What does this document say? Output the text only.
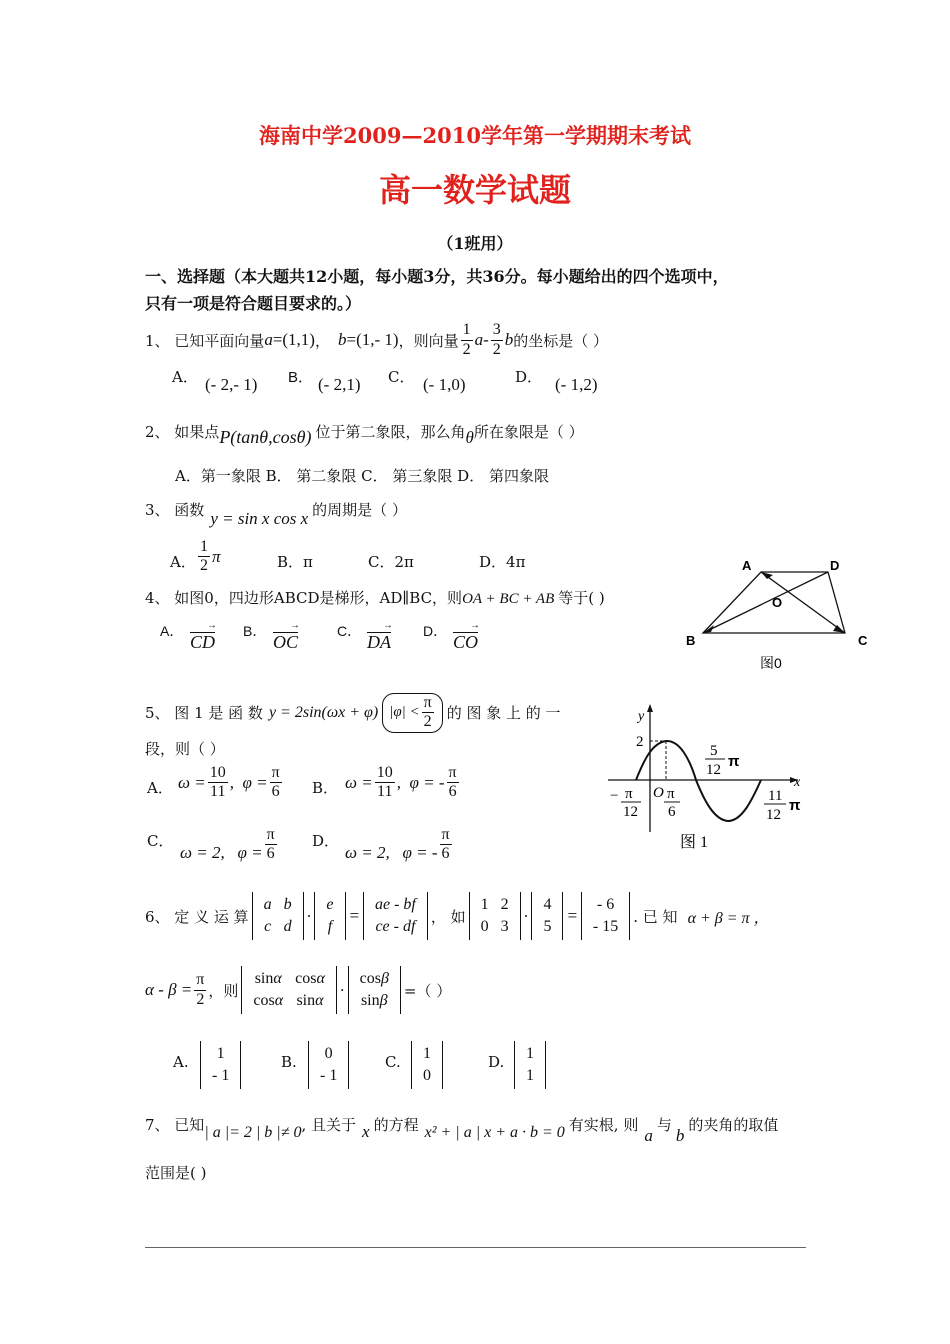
海南中学2009—2010学年第一学期期末考试
高一数学试题
（1班用）
一、选择题（本大题共12小题，每小题3分，共36分。每小题给出的四个选项中，
只有一项是符合题目要求的。）
1、 已知平面向量 a =(1,1) ， b =(1,- 1) ，则向量 $\frac{1}{2}$ a - $\frac{3}{2}$ b 的坐标是（ ）
A． (- 2,- 1) B． (- 2,1) C． (- 1,0)	D． (- 1,2)
2、 如果点 P(tanθ,cosθ) 位于第二象限，那么角 θ 所在象限是（ ）
A．第一象限 B． 第二象限 C． 第三象限 D． 第四象限
3、 函数 y = sin x cos x 的周期是（ ）
A． $\frac{1}{2}$ π	B．π	C．2π	D．4π
4、 如图0，四边形ABCD是梯形，AD∥BC，则 OA + BC + AB 等于( )
A．
CD →
B．
OC →
C．
DA →
D．
CO →
A	D
O
B	C
图0
5、 图 1 是 函 数 y = 2sin(ωx + φ) $|\varphi| < \frac{\pi}{2}$ 的 图 象 上 的 一
段，则（ ）
A． $\omega = \frac{10}{11}$ ,  $\varphi = \frac{\pi}{6}$ B． $\omega = \frac{10}{11}$ ,  φ = - $\frac{\pi}{6}$
C．
ω = 2,   $\varphi = \frac{\pi}{6}$ D．
ω = 2,   φ = - $\frac{\pi}{6}$
y
x
2
O
5
12 π
− π
12
π
6
11
12
π
图 1
6、 定 义 运 算
a	b
c	d
·
e
f
=
ae - bf
ce - df
， 如
1	2
0	3
·
4
5
=
- 6
- 15
. 已 知 α + β = π ，
$\alpha - \beta = \frac{\pi}{2}$ ，则
sinα	cosα
cosα	sinα
·
cosβ
sinβ
=（ ）
A. 1
- 1
B. 0
- 1
C. 1
0
D. 1
1
7、 已知 | a |= 2 | b |≠ 0 , 且关于 x 的方程 x² + | a | x + a · b = 0 有实根, 则
a
与
b
的夹角的取值
范围是( )
